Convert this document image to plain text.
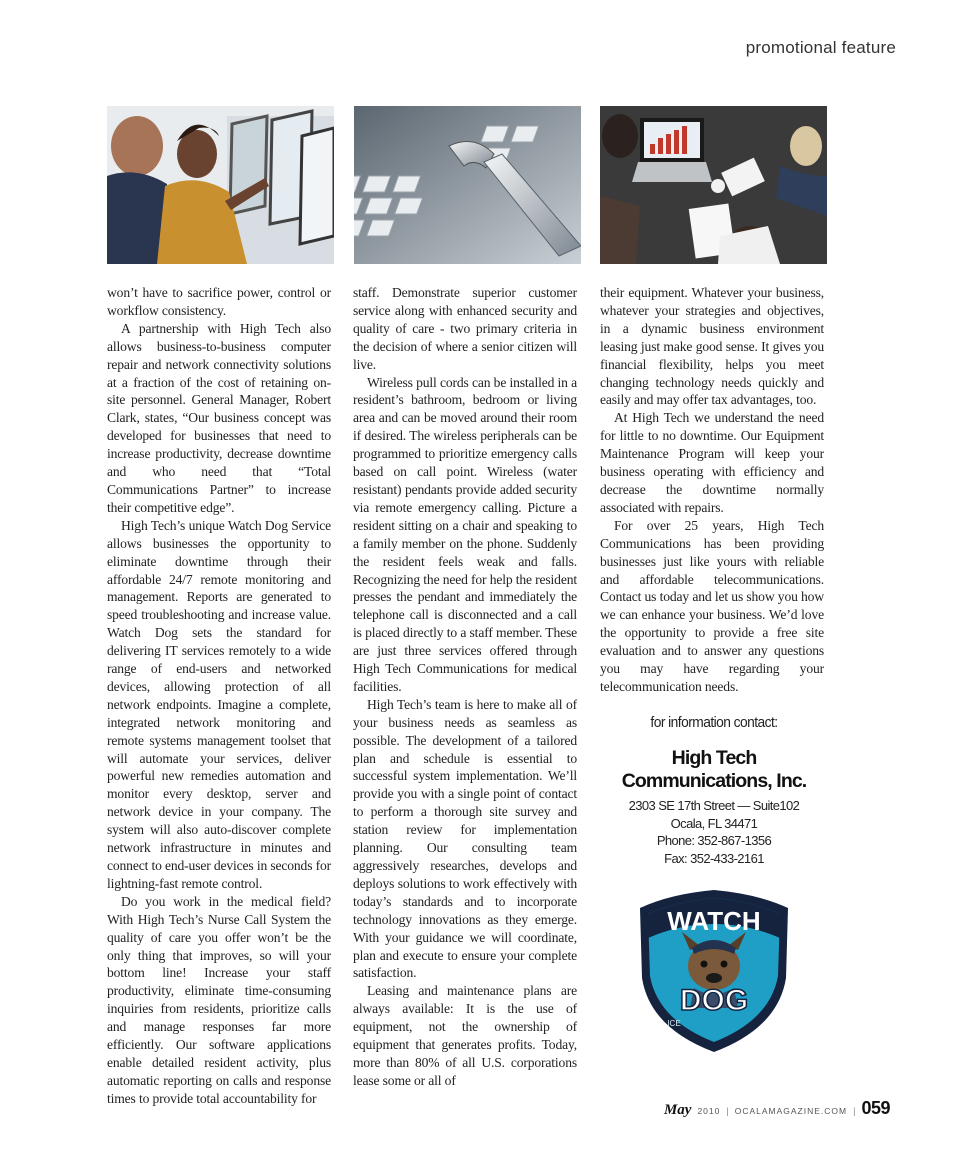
promotional feature

won’t have to sacrifice power, control or workflow consistency.

A partnership with High Tech also allows business-to-business computer repair and network connectivity solutions at a fraction of the cost of retaining on-site personnel. General Manager, Robert Clark, states, “Our business concept was developed for businesses that need to increase productivity, decrease downtime and who need that “Total Communications Partner” to increase their competitive edge”.

High Tech’s unique Watch Dog Service allows businesses the opportunity to eliminate downtime through their affordable 24/7 remote monitoring and management. Reports are generated to speed troubleshooting and increase value. Watch Dog sets the standard for delivering IT services remotely to a wide range of end-users and networked devices, allowing protection of all network endpoints. Imagine a complete, integrated network monitoring and remote systems management toolset that will automate your services, deliver powerful new remedies automation and monitor every desktop, server and network device in your company. The system will also auto-discover complete network infrastructure in minutes and connect to end-user devices in seconds for lightning-fast remote control.

Do you work in the medical field? With High Tech’s Nurse Call System the quality of care you offer won’t be the only thing that improves, so will your bottom line! Increase your staff productivity, eliminate time-consuming inquiries from residents, prioritize calls and manage responses far more efficiently. Our software applications enable detailed resident activity, plus automatic reporting on calls and response times to provide total accountability for

staff. Demonstrate superior customer service along with enhanced security and quality of care - two primary criteria in the decision of where a senior citizen will live.

Wireless pull cords can be installed in a resident’s bathroom, bedroom or living area and can be moved around their room if desired. The wireless peripherals can be programmed to prioritize emergency calls based on call point. Wireless (water resistant) pendants provide added security via remote emergency calling. Picture a resident sitting on a chair and speaking to a family member on the phone. Suddenly the resident feels weak and falls. Recognizing the need for help the resident presses the pendant and immediately the telephone call is disconnected and a call is placed directly to a staff member. These are just three services offered through High Tech Communications for medical facilities.

High Tech’s team is here to make all of your business needs as seamless as possible. The development of a tailored plan and schedule is essential to successful system implementation. We’ll provide you with a single point of contact to perform a thorough site survey and station review for implementation planning. Our consulting team aggressively researches, develops and deploys solutions to work effectively with today’s standards and to incorporate technology innovations as they emerge. With your guidance we will coordinate, plan and execute to ensure your complete satisfaction.

Leasing and maintenance plans are always available: It is the use of equipment, not the ownership of equipment that generates profits. Today, more than 80% of all U.S. corporations lease some or all of

their equipment. Whatever your business, whatever your strategies and objectives, in a dynamic business environment leasing just make good sense. It gives you financial flexibility, helps you meet changing technology needs quickly and easily and may offer tax advantages, too.

At High Tech we understand the need for little to no downtime. Our Equipment Maintenance Program will keep your business operating with efficiency and decrease the downtime normally associated with repairs.

For over 25 years, High Tech Communications has been providing businesses just like yours with reliable and affordable telecommunications. Contact us today and let us show you how we can enhance your business. We’d love the opportunity to provide a free site evaluation and to answer any questions you may have regarding your telecommunication needs.

for information contact:
High Tech Communications, Inc.
2303 SE 17th Street — Suite102
Ocala, FL 34471
Phone: 352-867-1356
Fax: 352-433-2161
WATCH
DOG
ICE
May 2010 | OCALAMAGAZINE.COM | 059
